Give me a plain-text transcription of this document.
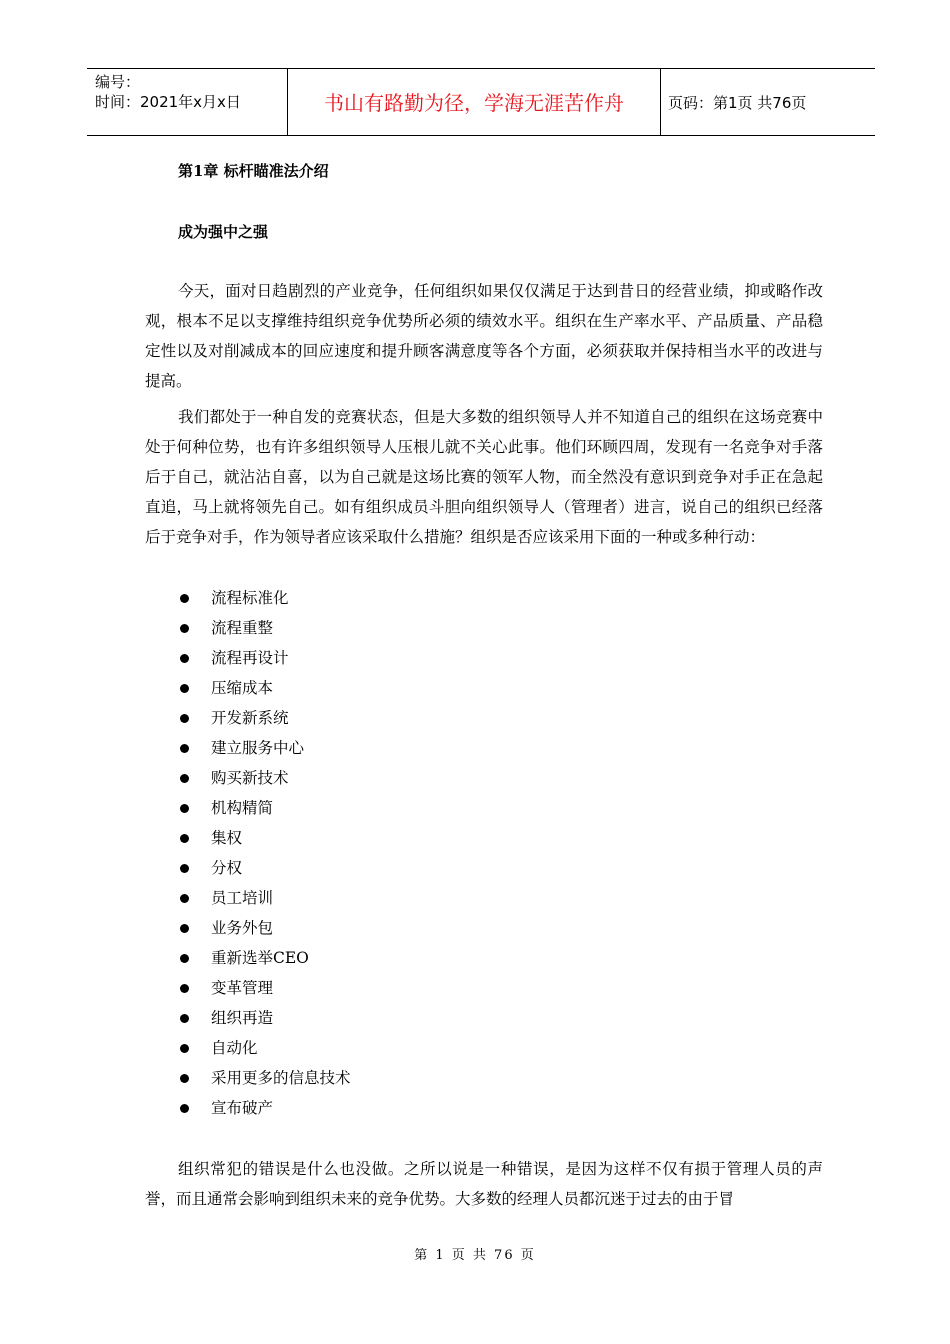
编号：
时间：2021年x月x日	书山有路勤为径，学海无涯苦作舟	页码：第1页 共76页
第1章 标杆瞄准法介绍
成为强中之强

今天，面对日趋剧烈的产业竞争，任何组织如果仅仅满足于达到昔日的经营业绩，抑或略作改观，根本不足以支撑维持组织竞争优势所必须的绩效水平。组织在生产率水平、产品质量、产品稳定性以及对削减成本的回应速度和提升顾客满意度等各个方面，必须获取并保持相当水平的改进与提高。

我们都处于一种自发的竞赛状态，但是大多数的组织领导人并不知道自己的组织在这场竞赛中处于何种位势，也有许多组织领导人压根儿就不关心此事。他们环顾四周，发现有一名竞争对手落后于自己，就沾沾自喜，以为自己就是这场比赛的领军人物，而全然没有意识到竞争对手正在急起直追，马上就将领先自己。如有组织成员斗胆向组织领导人（管理者）进言，说自己的组织已经落后于竞争对手，作为领导者应该采取什么措施？组织是否应该采用下面的一种或多种行动：

流程标准化
流程重整
流程再设计
压缩成本
开发新系统
建立服务中心
购买新技术
机构精简
集权
分权
员工培训
业务外包
重新选举CEO
变革管理
组织再造
自动化
采用更多的信息技术
宣布破产

组织常犯的错误是什么也没做。之所以说是一种错误，是因为这样不仅有损于管理人员的声誉，而且通常会影响到组织未来的竞争优势。大多数的经理人员都沉迷于过去的由于冒

第 1 页 共 76 页
